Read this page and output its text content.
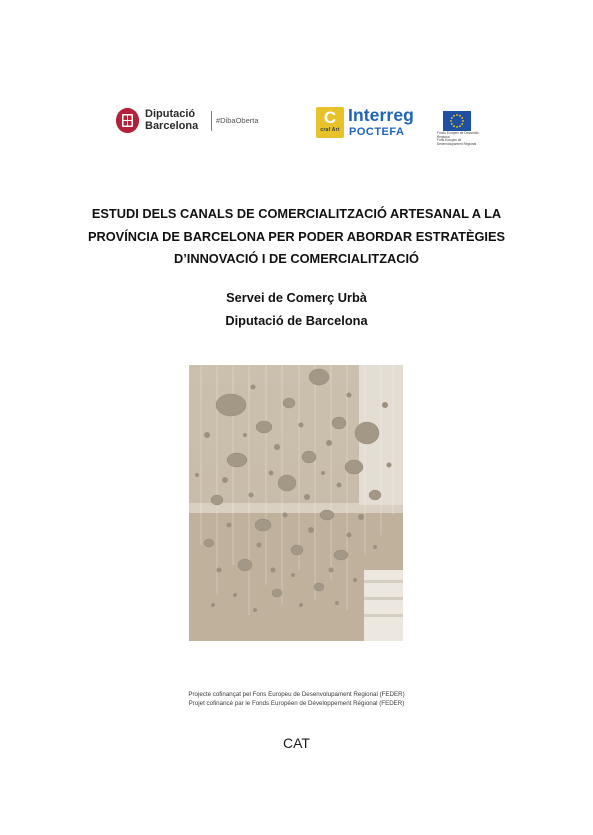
Diputació
Barcelona #DibaOberta	C
craf Art
Interreg
POCTEFA	Fondo Europeo de Desarrollo Regional
Fons Europeu de Desenvolupament Regional
ESTUDI DELS CANALS DE COMERCIALITZACIÓ ARTESANAL A LA
PROVÍNCIA DE BARCELONA PER PODER ABORDAR ESTRATÈGIES
D’INNOVACIÓ I DE COMERCIALITZACIÓ
Servei de Comerç Urbà
Diputació de Barcelona
Projecte cofinançat pel Fons Europeu de Desenvolupament Regional (FEDER)
Projet cofinancé par le Fonds Européen de Développement Régional (FEDER)
CAT
